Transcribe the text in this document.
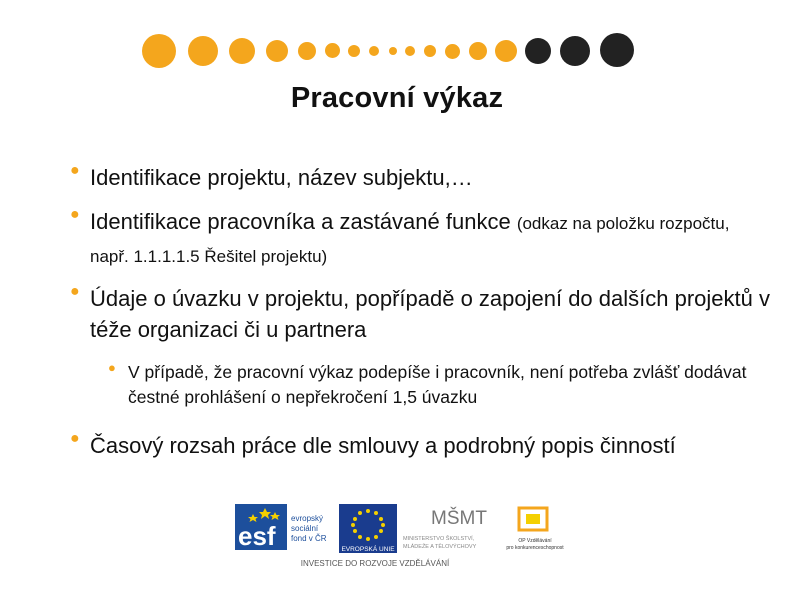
Pracovní výkaz
● Identifikace projektu, název subjektu,…
● Identifikace pracovníka a zastávané funkce (odkaz na položku rozpočtu, např. 1.1.1.1.5 Řešitel projektu)
● Údaje o úvazku v projektu, popřípadě o zapojení do dalších projektů v téže organizaci či u partnera
● V případě, že pracovní výkaz podepíše i pracovník, není potřeba zvlášť dodávat čestné prohlášení o nepřekročení 1,5 úvazku
● Časový rozsah práce dle smlouvy a podrobný popis činností
esf
evropský
sociální
fond v ČR
EVROPSKÁ UNIE
MŠMT
MINISTERSTVO ŠKOLSTVÍ,
MLÁDEŽE A TĚLOVÝCHOVY
OP Vzdělávání
pro konkurenceschopnost
INVESTICE DO ROZVOJE VZDĚLÁVÁNÍ
